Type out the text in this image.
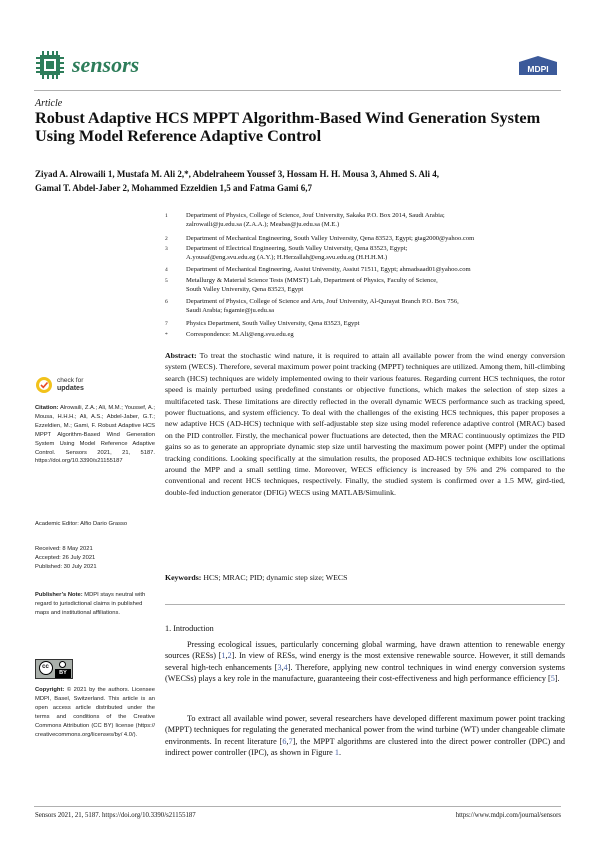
sensors	MDPI
Article
Robust Adaptive HCS MPPT Algorithm-Based Wind Generation System Using Model Reference Adaptive Control
Ziyad A. Alrowaili 1, Mustafa M. Ali 2,*, Abdelraheem Youssef 3, Hossam H. H. Mousa 3, Ahmed S. Ali 4,
Gamal T. Abdel-Jaber 2, Mohammed Ezzeldien 1,5 and Fatma Gami 6,7
1	Department of Physics, College of Science, Jouf University, Sakaka P.O. Box 2014, Saudi Arabia;
zalrowaili@ju.edu.sa (Z.A.A.); Meabas@ju.edu.sa (M.E.)
2	Department of Mechanical Engineering, South Valley University, Qena 83523, Egypt; gtag2000@yahoo.com
3	Department of Electrical Engineering, South Valley University, Qena 83523, Egypt;
A.yousaf@eng.svu.edu.eg (A.Y.); H.Herzallah@eng.svu.edu.eg (H.H.H.M.)
4	Department of Mechanical Engineering, Assiut University, Assiut 71511, Egypt; ahmadsaad01@yahoo.com
5	Metallurgy & Material Science Tests (MMST) Lab, Department of Physics, Faculty of Science,
South Valley University, Qena 83523, Egypt
6	Department of Physics, College of Science and Arts, Jouf University, Al-Qurayat Branch P.O. Box 756,
Saudi Arabia; fsgamie@ju.edu.sa
7	Physics Department, South Valley University, Qena 83523, Egypt
*	Correspondence: M.Ali@eng.svu.edu.eg
Abstract: To treat the stochastic wind nature, it is required to attain all available power from the wind energy conversion system (WECS). Therefore, several maximum power point tracking (MPPT) techniques are utilized. Among them, hill-climbing search (HCS) techniques are widely implemented owing to their various features. Regarding current HCS techniques, the rotor speed is mainly perturbed using predefined constants or objective functions, which makes the selection of step sizes a multifaceted task. These limitations are directly reflected in the overall dynamic WECS performance such as tracking speed, power fluctuations, and system efficiency. To deal with the challenges of the existing HCS techniques, this paper proposes a new adaptive HCS (AD-HCS) technique with self-adjustable step size using model reference adaptive control (MRAC) based on the PID controller. Firstly, the mechanical power fluctuations are detected, then the MRAC continuously optimizes the PID gains so as to generate an appropriate dynamic step size until harvesting the maximum power point (MPP) under the optimal tracking conditions. Looking specifically at the simulation results, the proposed AD-HCS technique exhibits low oscillations around the MPP and a small settling time. Moreover, WECS efficiency is increased by 5% and 2% compared to the conventional and recent HCS techniques, respectively. Finally, the studied system is confirmed over a 1.5 MW, gird-tied, double-fed induction generator (DFIG) WECS using MATLAB/Simulink.
Keywords: HCS; MRAC; PID; dynamic step size; WECS
1. Introduction
Pressing ecological issues, particularly concerning global warming, have drawn attention to renewable energy sources (RESs) [1,2]. In view of RESs, wind energy is the most extensive renewable source. However, it still demands several high-tech enhancements [3,4]. Therefore, applying new control techniques in wind energy conversion systems (WECSs) plays a key role in the manufacture, guaranteeing their cost-effectiveness and high performance efficiency [5].
To extract all available wind power, several researchers have developed different maximum power point tracking (MPPT) techniques for regulating the generated mechanical power from the wind turbine (WT) under changeable climate environments. In recent literature [6,7], the MPPT algorithms are clustered into the direct power controller (DPC) and indirect power controller (IPC), as shown in Figure 1.
check for
updates
Citation: Alrowaili, Z.A.; Ali, M.M.; Youssef, A.; Mousa, H.H.H.; Ali, A.S.; Abdel-Jaber, G.T.; Ezzeldien, M.; Gami, F. Robust Adaptive HCS MPPT Algorithm-Based Wind Generation System Using Model Reference Adaptive Control. Sensors 2021, 21, 5187. https://doi.org/10.3390/s21155187
Academic Editor: Alfio Dario Grasso
Received: 8 May 2021
Accepted: 26 July 2021
Published: 30 July 2021
Publisher’s Note: MDPI stays neutral with regard to jurisdictional claims in published maps and institutional affiliations.
cc
BY
Copyright: © 2021 by the authors. Licensee MDPI, Basel, Switzerland. This article is an open access article distributed under the terms and conditions of the Creative Commons Attribution (CC BY) license (https:// creativecommons.org/licenses/by/ 4.0/).
Sensors 2021, 21, 5187. https://doi.org/10.3390/s21155187	https://www.mdpi.com/journal/sensors
